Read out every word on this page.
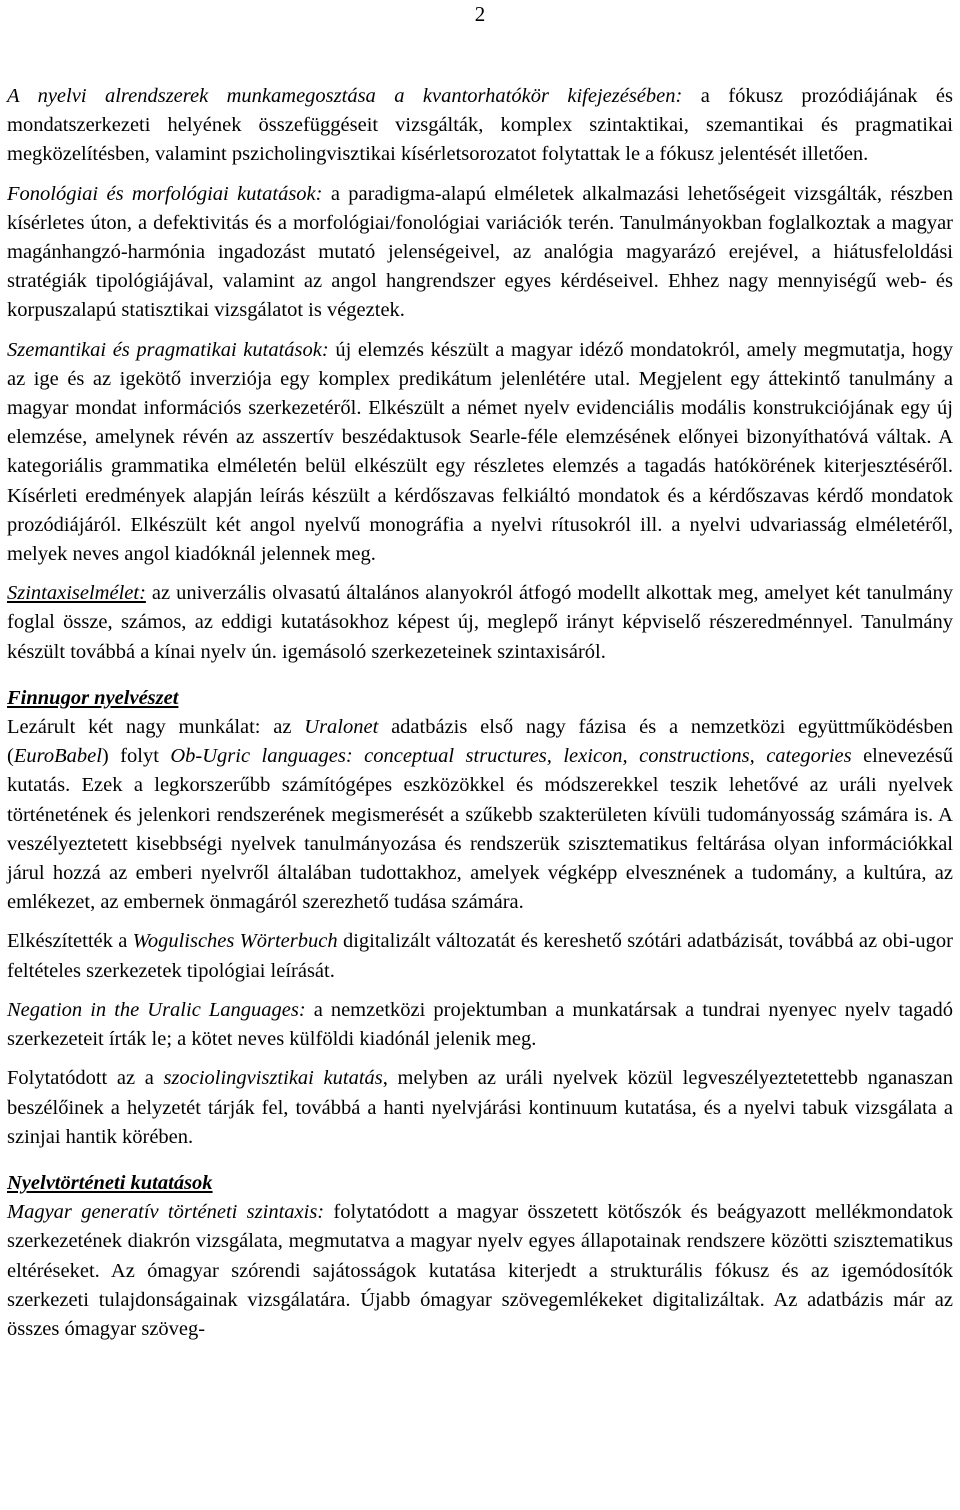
2

A nyelvi alrendszerek munkamegosztása a kvantorhatókör kifejezésében: a fókusz prozódiájának és mondatszerkezeti helyének összefüggéseit vizsgálták, komplex szintaktikai, szemantikai és pragmatikai megközelítésben, valamint pszicholingvisztikai kísérletsorozatot folytattak le a fókusz jelentését illetően.

Fonológiai és morfológiai kutatások: a paradigma-alapú elméletek alkalmazási lehetőségeit vizsgálták, részben kísérletes úton, a defektivitás és a morfológiai/fonológiai variációk terén. Tanulmányokban foglalkoztak a magyar magánhangzó-harmónia ingadozást mutató jelenségeivel, az analógia magyarázó erejével, a hiátusfeloldási stratégiák tipológiájával, valamint az angol hangrendszer egyes kérdéseivel. Ehhez nagy mennyiségű web- és korpuszalapú statisztikai vizsgálatot is végeztek.

Szemantikai és pragmatikai kutatások: új elemzés készült a magyar idéző mondatokról, amely megmutatja, hogy az ige és az igekötő inverziója egy komplex predikátum jelenlétére utal. Megjelent egy áttekintő tanulmány a magyar mondat információs szerkezetéről. Elkészült a német nyelv evidenciális modális konstrukciójának egy új elemzése, amelynek révén az asszertív beszédaktusok Searle-féle elemzésének előnyei bizonyíthatóvá váltak. A kategoriális grammatika elméletén belül elkészült egy részletes elemzés a tagadás hatókörének kiterjesztéséről. Kísérleti eredmények alapján leírás készült a kérdőszavas felkiáltó mondatok és a kérdőszavas kérdő mondatok prozódiájáról. Elkészült két angol nyelvű monográfia a nyelvi rítusokról ill. a nyelvi udvariasság elméletéről, melyek neves angol kiadóknál jelennek meg.

Szintaxiselmélet: az univerzális olvasatú általános alanyokról átfogó modellt alkottak meg, amelyet két tanulmány foglal össze, számos, az eddigi kutatásokhoz képest új, meglepő irányt képviselő részeredménnyel. Tanulmány készült továbbá a kínai nyelv ún. igemásoló szerkezeteinek szintaxisáról.

Finnugor nyelvészet

Lezárult két nagy munkálat: az Uralonet adatbázis első nagy fázisa és a nemzetközi együttműködésben (EuroBabel) folyt Ob-Ugric languages: conceptual structures, lexicon, constructions, categories elnevezésű kutatás. Ezek a legkorszerűbb számítógépes eszközökkel és módszerekkel teszik lehetővé az uráli nyelvek történetének és jelenkori rendszerének megismerését a szűkebb szakterületen kívüli tudományosság számára is. A veszélyeztetett kisebbségi nyelvek tanulmányozása és rendszerük szisztematikus feltárása olyan információkkal járul hozzá az emberi nyelvről általában tudottakhoz, amelyek végképp elvesznének a tudomány, a kultúra, az emlékezet, az embernek önmagáról szerezhető tudása számára.

Elkészítették a Wogulisches Wörterbuch digitalizált változatát és kereshető szótári adatbázisát, továbbá az obi-ugor feltételes szerkezetek tipológiai leírását.

Negation in the Uralic Languages: a nemzetközi projektumban a munkatársak a tundrai nyenyec nyelv tagadó szerkezeteit írták le; a kötet neves külföldi kiadónál jelenik meg.

Folytatódott az a szociolingvisztikai kutatás, melyben az uráli nyelvek közül legveszélyeztetettebb nganaszan beszélőinek a helyzetét tárják fel, továbbá a hanti nyelvjárási kontinuum kutatása, és a nyelvi tabuk vizsgálata a szinjai hantik körében.

Nyelvtörténeti kutatások

Magyar generatív történeti szintaxis: folytatódott a magyar összetett kötőszók és beágyazott mellékmondatok szerkezetének diakrón vizsgálata, megmutatva a magyar nyelv egyes állapotainak rendszere közötti szisztematikus eltéréseket. Az ómagyar szórendi sajátosságok kutatása kiterjedt a strukturális fókusz és az igemódosítók szerkezeti tulajdonságainak vizsgálatára. Újabb ómagyar szövegemlékeket digitalizáltak. Az adatbázis már az összes ómagyar szöveg-
